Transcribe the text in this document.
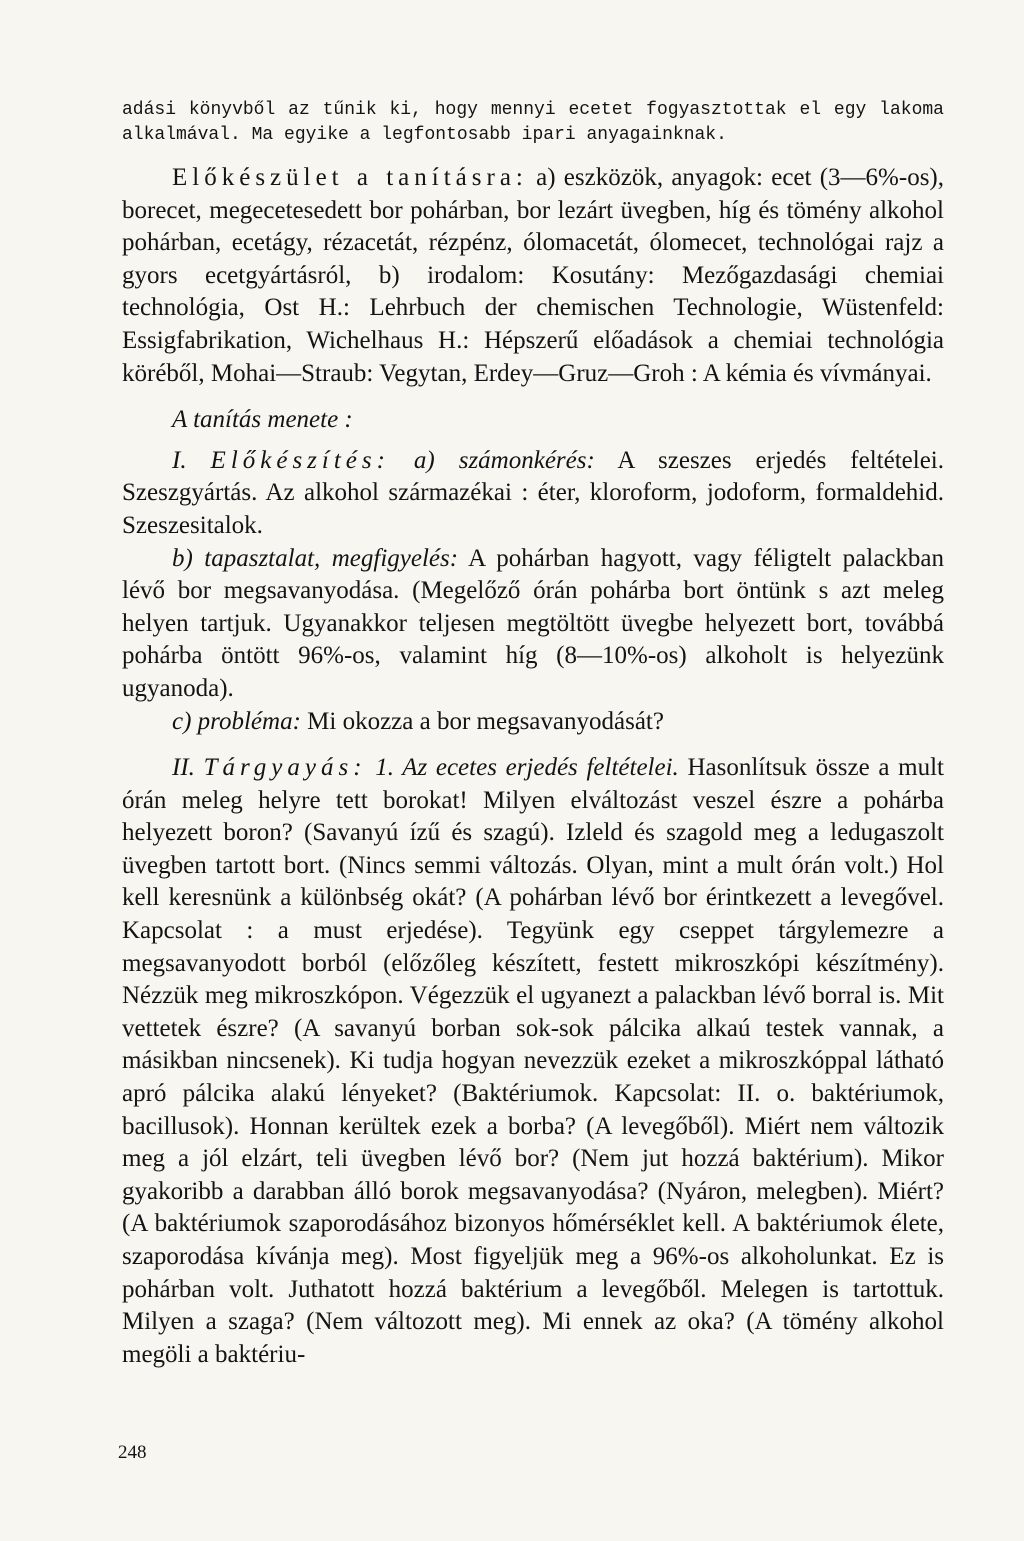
adási könyvből az tűnik ki, hogy mennyi ecetet fogyasztottak el egy lakoma alkalmával. Ma egyike a legfontosabb ipari anyagainknak.

Előkészület a tanításra: a) eszközök, anyagok: ecet (3—6%-os), borecet, megecetesedett bor pohárban, bor lezárt üvegben, híg és tömény alkohol pohárban, ecetágy, rézacetát, rézpénz, ólomacetát, ólomecet, technológai rajz a gyors ecetgyártásról, b) irodalom: Kosutány: Mezőgazdasági chemiai technológia, Ost H.: Lehrbuch der chemischen Technologie, Wüstenfeld: Essigfabrikation, Wichelhaus H.: Hépszerű előadások a chemiai technológia köréből, Mohai—Straub: Vegytan, Erdey—Gruz—Groh : A kémia és vívmányai.

A tanítás menete :

I. Előkészítés: a) számonkérés: A szeszes erjedés feltételei. Szeszgyártás. Az alkohol származékai : éter, kloroform, jodoform, formaldehid. Szeszesitalok.

b) tapasztalat, megfigyelés: A pohárban hagyott, vagy féligtelt palackban lévő bor megsavanyodása. (Megelőző órán pohárba bort öntünk s azt meleg helyen tartjuk. Ugyanakkor teljesen megtöltött üvegbe helyezett bort, továbbá pohárba öntött 96%-os, valamint híg (8—10%-os) alkoholt is helyezünk ugyanoda).

c) probléma: Mi okozza a bor megsavanyodását?

II. Tárgyayás: 1. Az ecetes erjedés feltételei. Hasonlítsuk össze a mult órán meleg helyre tett borokat! Milyen elváltozást veszel észre a pohárba helyezett boron? (Savanyú ízű és szagú). Izleld és szagold meg a ledugaszolt üvegben tartott bort. (Nincs semmi változás. Olyan, mint a mult órán volt.) Hol kell keresnünk a különbség okát? (A pohárban lévő bor érintkezett a levegővel. Kapcsolat : a must erjedése). Tegyünk egy cseppet tárgylemezre a megsavanyodott borból (előzőleg készített, festett mikroszkópi készítmény). Nézzük meg mikroszkópon. Végezzük el ugyanezt a palackban lévő borral is. Mit vettetek észre? (A savanyú borban sok-sok pálcika alkaú testek vannak, a másikban nincsenek). Ki tudja hogyan nevezzük ezeket a mikroszkóppal látható apró pálcika alakú lényeket? (Baktériumok. Kapcsolat: II. o. baktériumok, bacillusok). Honnan kerültek ezek a borba? (A levegőből). Miért nem változik meg a jól elzárt, teli üvegben lévő bor? (Nem jut hozzá baktérium). Mikor gyakoribb a darabban álló borok megsavanyodása? (Nyáron, melegben). Miért? (A baktériumok szaporodásához bizonyos hőmérséklet kell. A baktériumok élete, szaporodása kívánja meg). Most figyeljük meg a 96%-os alkoholunkat. Ez is pohárban volt. Juthatott hozzá baktérium a levegőből. Melegen is tartottuk. Milyen a szaga? (Nem változott meg). Mi ennek az oka? (A tömény alkohol megöli a baktériu-

248
